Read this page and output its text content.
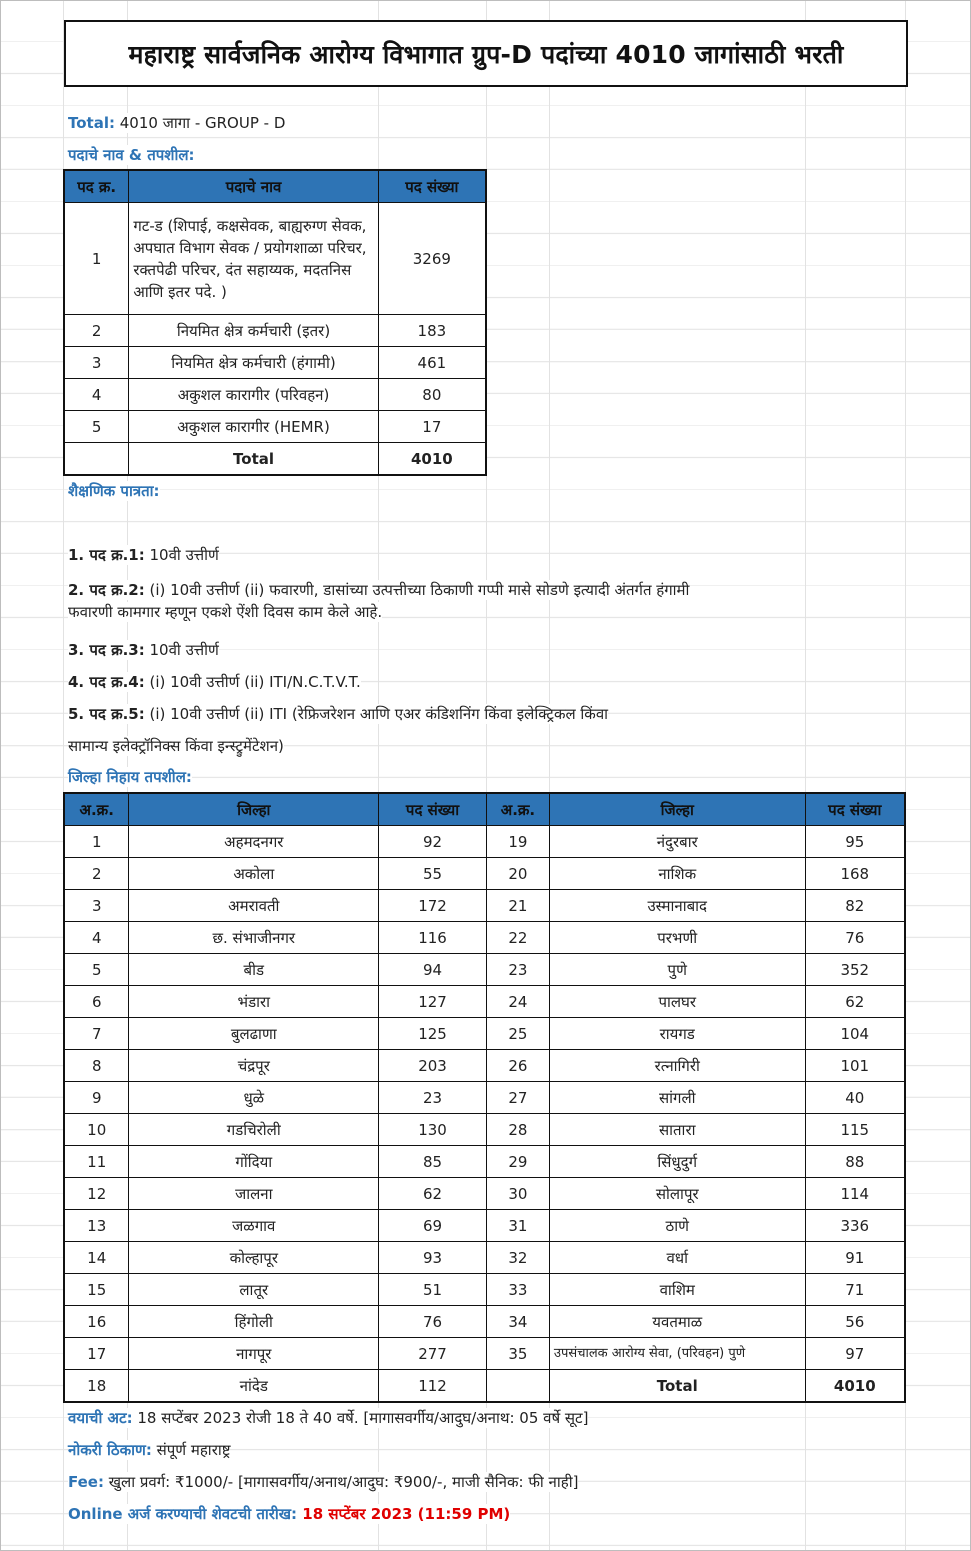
महाराष्ट्र सार्वजनिक आरोग्य विभागात ग्रुप-D पदांच्या 4010 जागांसाठी भरती
Total: 4010 जागा - GROUP - D
पदाचे नाव & तपशील:
पद क्र.	पदाचे नाव	पद संख्या
1	गट-ड (शिपाई, कक्षसेवक, बाह्यरुग्ण सेवक, अपघात विभाग सेवक / प्रयोगशाळा परिचर, रक्तपेढी परिचर, दंत सहाय्यक, मदतनिस आणि इतर पदे. )	3269
2	नियमित क्षेत्र कर्मचारी (इतर)	183
3	नियमित क्षेत्र कर्मचारी (हंगामी)	461
4	अकुशल कारागीर (परिवहन)	80
5	अकुशल कारागीर (HEMR)	17
	Total	4010
शैक्षणिक पात्रता:
1. पद क्र.1: 10वी उत्तीर्ण
2. पद क्र.2: (i) 10वी उत्तीर्ण (ii) फवारणी, डासांच्या उत्पत्तीच्या ठिकाणी गप्पी मासे सोडणे इत्यादी अंतर्गत हंगामी
फवारणी कामगार म्हणून एकशे ऐंशी दिवस काम केले आहे.
3. पद क्र.3: 10वी उत्तीर्ण
4. पद क्र.4: (i) 10वी उत्तीर्ण (ii) ITI/N.C.T.V.T.
5. पद क्र.5: (i) 10वी उत्तीर्ण (ii) ITI (रेफ्रिजरेशन आणि एअर कंडिशनिंग किंवा इलेक्ट्रिकल किंवा
सामान्य इलेक्ट्रॉनिक्स किंवा इन्स्ट्रुमेंटेशन)
जिल्हा निहाय तपशील:
अ.क्र.	जिल्हा	पद संख्या	अ.क्र.	जिल्हा	पद संख्या
1	अहमदनगर	92	19	नंदुरबार	95
2	अकोला	55	20	नाशिक	168
3	अमरावती	172	21	उस्मानाबाद	82
4	छ. संभाजीनगर	116	22	परभणी	76
5	बीड	94	23	पुणे	352
6	भंडारा	127	24	पालघर	62
7	बुलढाणा	125	25	रायगड	104
8	चंद्रपूर	203	26	रत्नागिरी	101
9	धुळे	23	27	सांगली	40
10	गडचिरोली	130	28	सातारा	115
11	गोंदिया	85	29	सिंधुदुर्ग	88
12	जालना	62	30	सोलापूर	114
13	जळगाव	69	31	ठाणे	336
14	कोल्हापूर	93	32	वर्धा	91
15	लातूर	51	33	वाशिम	71
16	हिंगोली	76	34	यवतमाळ	56
17	नागपूर	277	35	उपसंचालक आरोग्य सेवा, (परिवहन) पुणे	97
18	नांदेड	112		Total	4010
वयाची अट: 18 सप्टेंबर 2023 रोजी 18 ते 40 वर्षे. [मागासवर्गीय/आदुघ/अनाथ: 05 वर्षे सूट]
नोकरी ठिकाण: संपूर्ण महाराष्ट्र
Fee: खुला प्रवर्ग: ₹1000/- [मागासवर्गीय/अनाथ/आदुघ: ₹900/-, माजी सैनिक: फी नाही]
Online अर्ज करण्याची शेवटची तारीख: 18 सप्टेंबर 2023 (11:59 PM)
